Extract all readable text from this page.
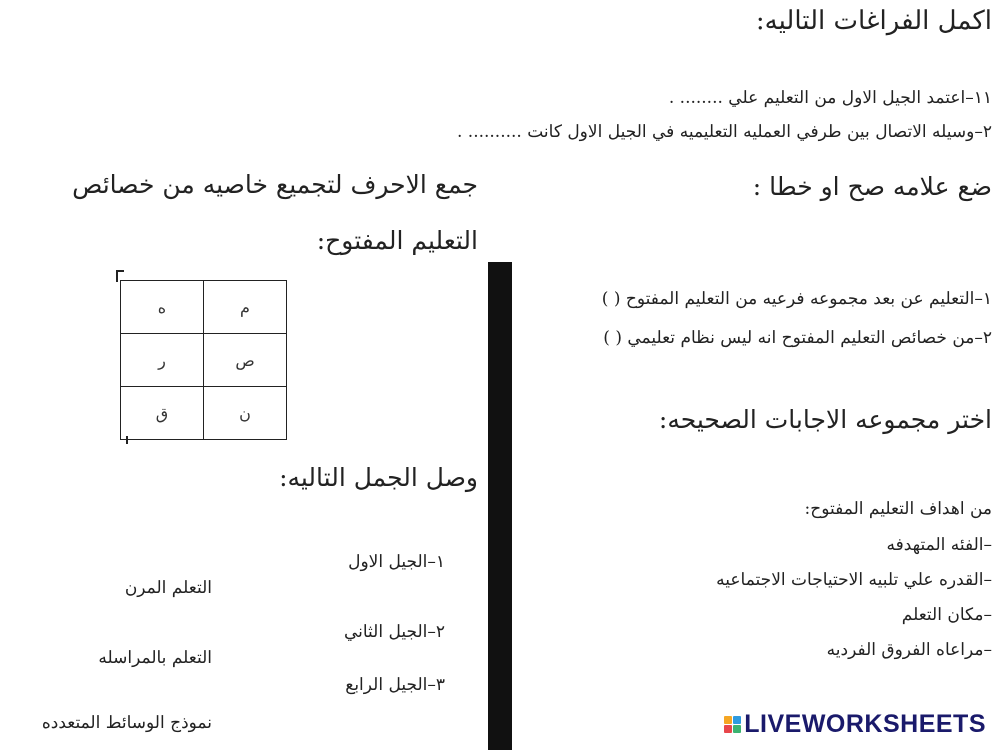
اكمل الفراغات التاليه:
١١–اعتمد الجيل الاول من التعليم علي ........ .
٢–وسيله الاتصال بين طرفي العمليه التعليميه في الجيل الاول كانت .......... .
ضع علامه صح او خطا :
١–التعليم عن بعد مجموعه فرعيه من التعليم المفتوح ( )
٢–من خصائص التعليم المفتوح انه ليس نظام تعليمي ( )
اختر مجموعه الاجابات الصحيحه:
من اهداف التعليم المفتوح:
–الفئه المتهدفه
–القدره علي تلبيه الاحتياجات الاجتماعيه
–مكان التعلم
–مراعاه الفروق الفرديه
جمع الاحرف لتجميع خاصيه من خصائص
التعليم المفتوح:
ه	م
ر	ص
ق	ن
وصل الجمل التاليه:
١–الجيل الاول
٢–الجيل الثاني
٣–الجيل الرابع
التعلم المرن
التعلم بالمراسله
نموذج الوسائط المتعدده	LIVEWORKSHEETS
